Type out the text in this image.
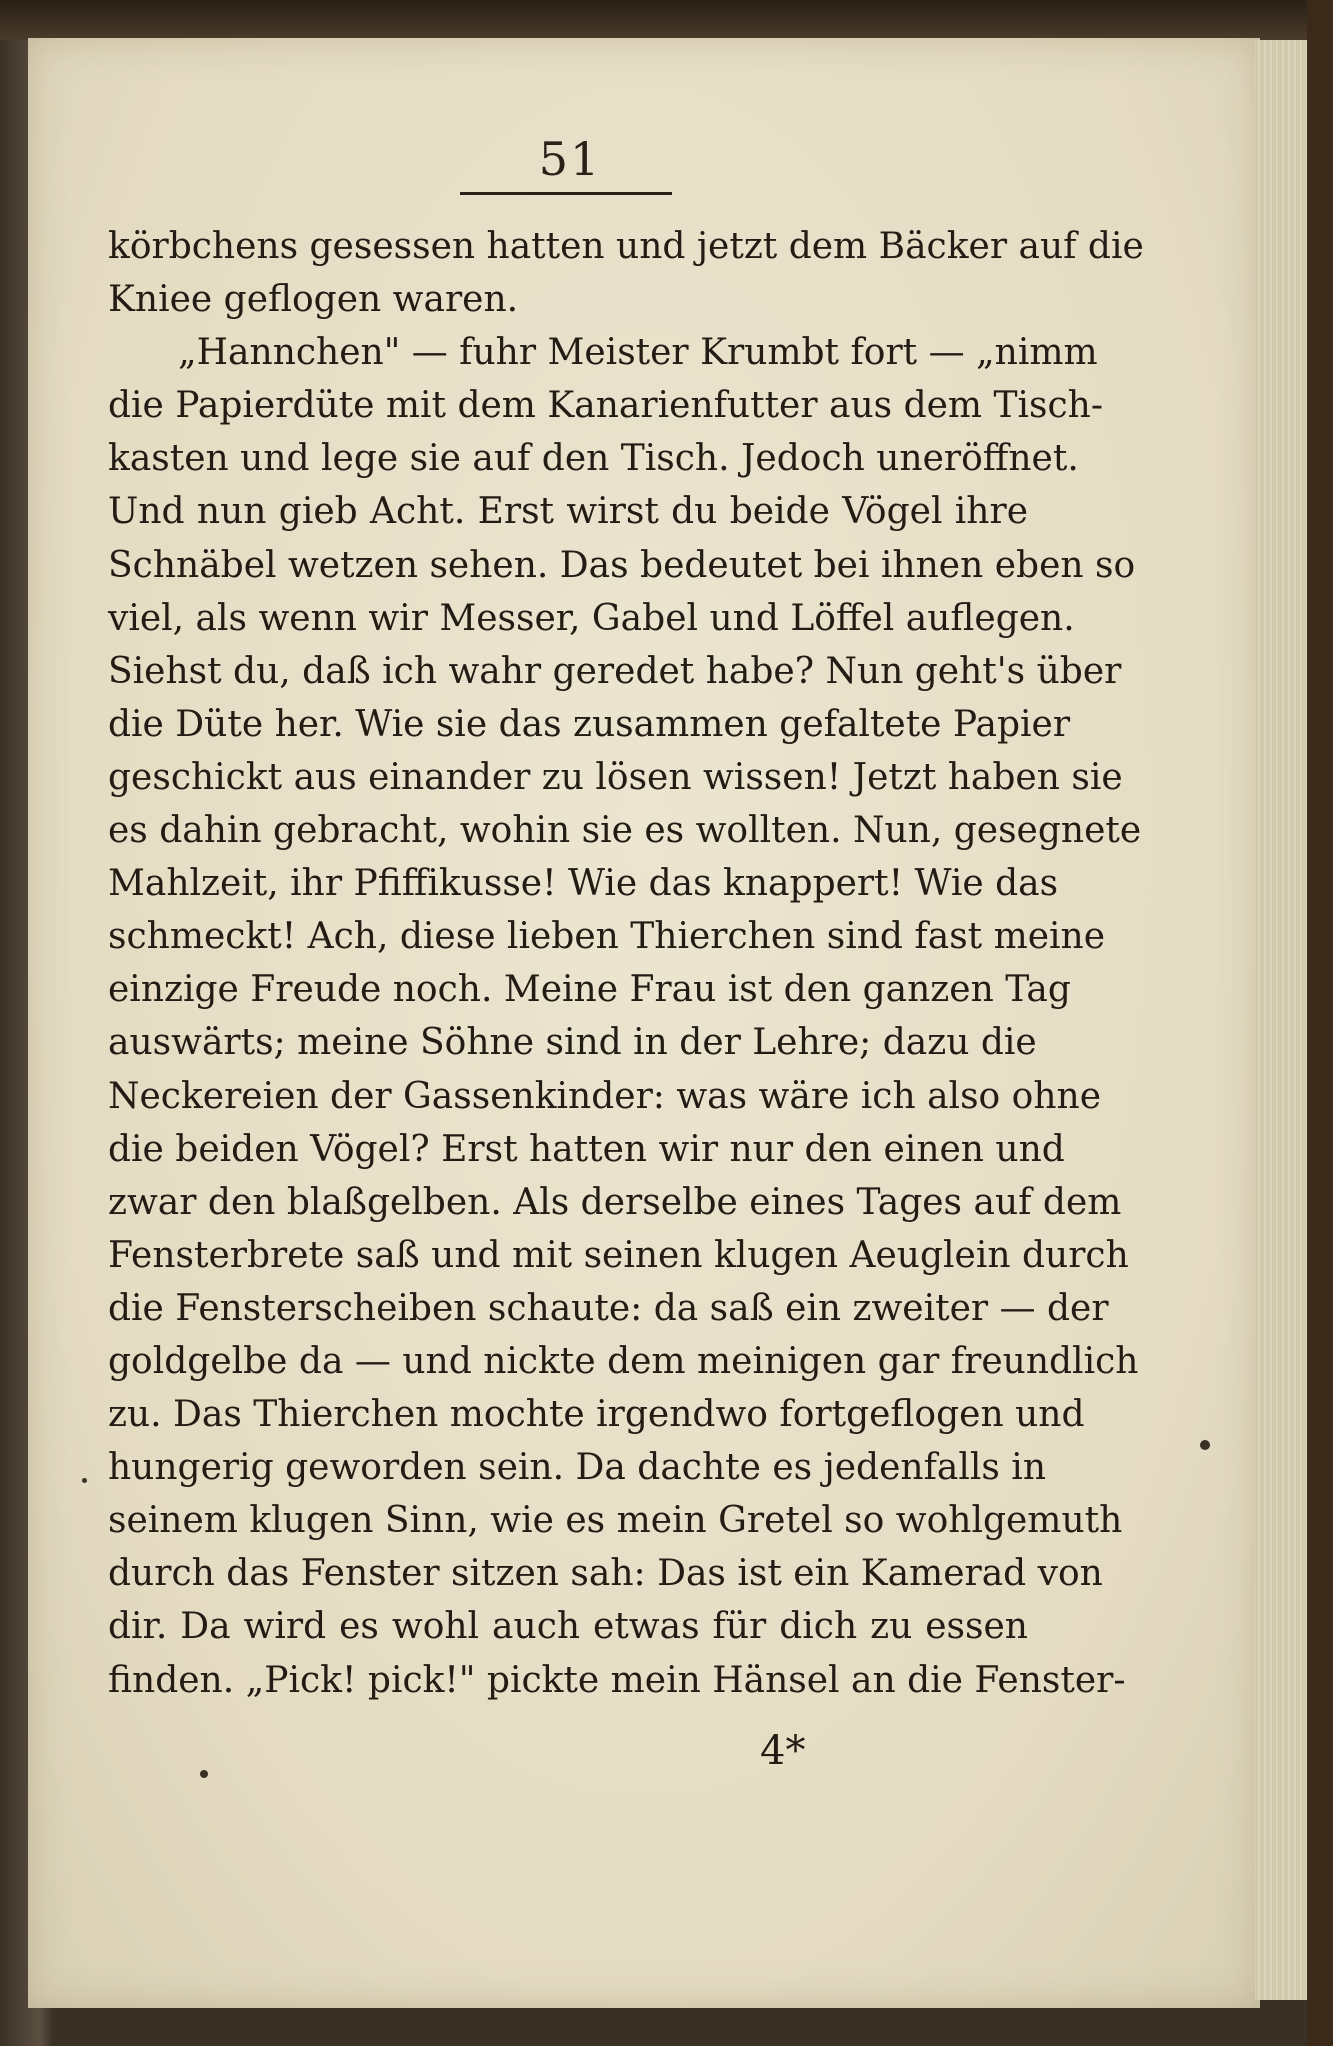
51
körbchens gesessen hatten und jetzt dem Bäcker auf die
Kniee geflogen waren.
„Hannchen" — fuhr Meister Krumbt fort — „nimm
die Papierdüte mit dem Kanarienfutter aus dem Tisch-
kasten und lege sie auf den Tisch. Jedoch uneröffnet.
Und nun gieb Acht. Erst wirst du beide Vögel ihre
Schnäbel wetzen sehen. Das bedeutet bei ihnen eben so
viel, als wenn wir Messer, Gabel und Löffel auflegen.
Siehst du, daß ich wahr geredet habe? Nun geht's über
die Düte her. Wie sie das zusammen gefaltete Papier
geschickt aus einander zu lösen wissen! Jetzt haben sie
es dahin gebracht, wohin sie es wollten. Nun, gesegnete
Mahlzeit, ihr Pfiffikusse! Wie das knappert! Wie das
schmeckt! Ach, diese lieben Thierchen sind fast meine
einzige Freude noch. Meine Frau ist den ganzen Tag
auswärts; meine Söhne sind in der Lehre; dazu die
Neckereien der Gassenkinder: was wäre ich also ohne
die beiden Vögel? Erst hatten wir nur den einen und
zwar den blaßgelben. Als derselbe eines Tages auf dem
Fensterbrete saß und mit seinen klugen Aeuglein durch
die Fensterscheiben schaute: da saß ein zweiter — der
goldgelbe da — und nickte dem meinigen gar freundlich
zu. Das Thierchen mochte irgendwo fortgeflogen und
hungerig geworden sein. Da dachte es jedenfalls in
seinem klugen Sinn, wie es mein Gretel so wohlgemuth
durch das Fenster sitzen sah: Das ist ein Kamerad von
dir. Da wird es wohl auch etwas für dich zu essen
finden. „Pick! pick!" pickte mein Hänsel an die Fenster-
4*
